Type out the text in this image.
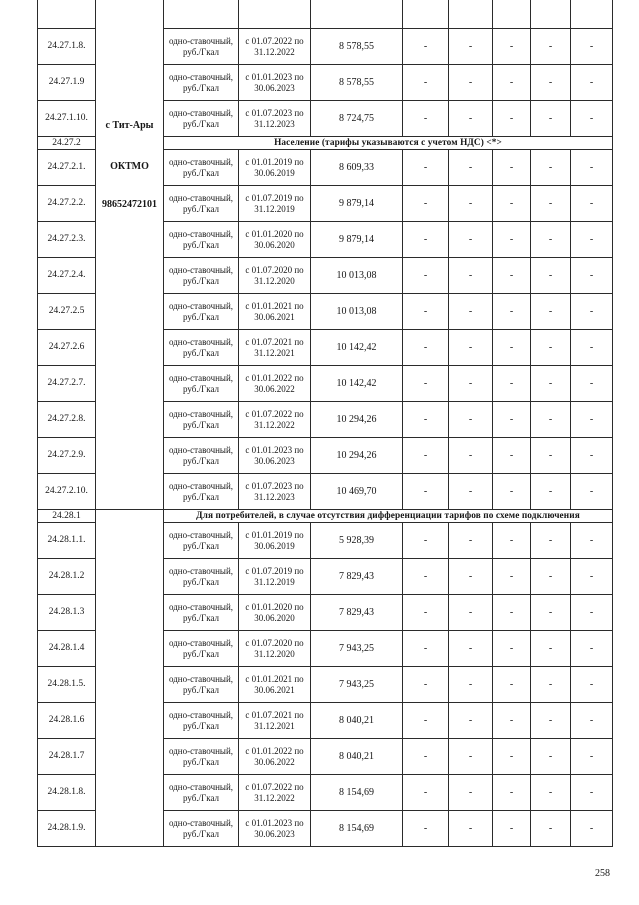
	с Тит-Ары
ОКТМО
98652472101								

24.27.1.8.		одно-ставочный,
руб./Гкал	с 01.07.2022 по
31.12.2022	8 578,55	-	-	-	-	-
24.27.1.9		одно-ставочный,
руб./Гкал	с 01.01.2023 по
30.06.2023	8 578,55	-	-	-	-	-
24.27.1.10.		одно-ставочный,
руб./Гкал	с 01.07.2023 по
31.12.2023	8 724,75	-	-	-	-	-
24.27.2		Население (тарифы указываются с учетом НДС) <*>							
24.27.2.1.		одно-ставочный,
руб./Гкал	с 01.01.2019 по
30.06.2019	8 609,33	-	-	-	-	-
24.27.2.2.		одно-ставочный,
руб./Гкал	с 01.07.2019 по
31.12.2019	9 879,14	-	-	-	-	-
24.27.2.3.		одно-ставочный,
руб./Гкал	с 01.01.2020 по
30.06.2020	9 879,14	-	-	-	-	-
24.27.2.4.		одно-ставочный,
руб./Гкал	с 01.07.2020 по
31.12.2020	10 013,08	-	-	-	-	-
24.27.2.5		одно-ставочный,
руб./Гкал	с 01.01.2021 по
30.06.2021	10 013,08	-	-	-	-	-
24.27.2.6		одно-ставочный,
руб./Гкал	с 01.07.2021 по
31.12.2021	10 142,42	-	-	-	-	-
24.27.2.7.		одно-ставочный,
руб./Гкал	с 01.01.2022 по
30.06.2022	10 142,42	-	-	-	-	-
24.27.2.8.		одно-ставочный,
руб./Гкал	с 01.07.2022 по
31.12.2022	10 294,26	-	-	-	-	-
24.27.2.9.		одно-ставочный,
руб./Гкал	с 01.01.2023 по
30.06.2023	10 294,26	-	-	-	-	-
24.27.2.10.		одно-ставочный,
руб./Гкал	с 01.07.2023 по
31.12.2023	10 469,70	-	-	-	-	-
24.28.1		Для потребителей, в случае отсутствия дифференциации тарифов по схеме подключения							
24.28.1.1.		одно-ставочный,
руб./Гкал	с 01.01.2019 по
30.06.2019	5 928,39	-	-	-	-	-
24.28.1.2		одно-ставочный,
руб./Гкал	с 01.07.2019 по
31.12.2019	7 829,43	-	-	-	-	-
24.28.1.3		одно-ставочный,
руб./Гкал	с 01.01.2020 по
30.06.2020	7 829,43	-	-	-	-	-
24.28.1.4		одно-ставочный,
руб./Гкал	с 01.07.2020 по
31.12.2020	7 943,25	-	-	-	-	-
24.28.1.5.		одно-ставочный,
руб./Гкал	с 01.01.2021 по
30.06.2021	7 943,25	-	-	-	-	-
24.28.1.6		одно-ставочный,
руб./Гкал	с 01.07.2021 по
31.12.2021	8 040,21	-	-	-	-	-
24.28.1.7		одно-ставочный,
руб./Гкал	с 01.01.2022 по
30.06.2022	8 040,21	-	-	-	-	-
24.28.1.8.		одно-ставочный,
руб./Гкал	с 01.07.2022 по
31.12.2022	8 154,69	-	-	-	-	-
24.28.1.9.		одно-ставочный,
руб./Гкал	с 01.01.2023 по
30.06.2023	8 154,69	-	-	-	-	-
258
